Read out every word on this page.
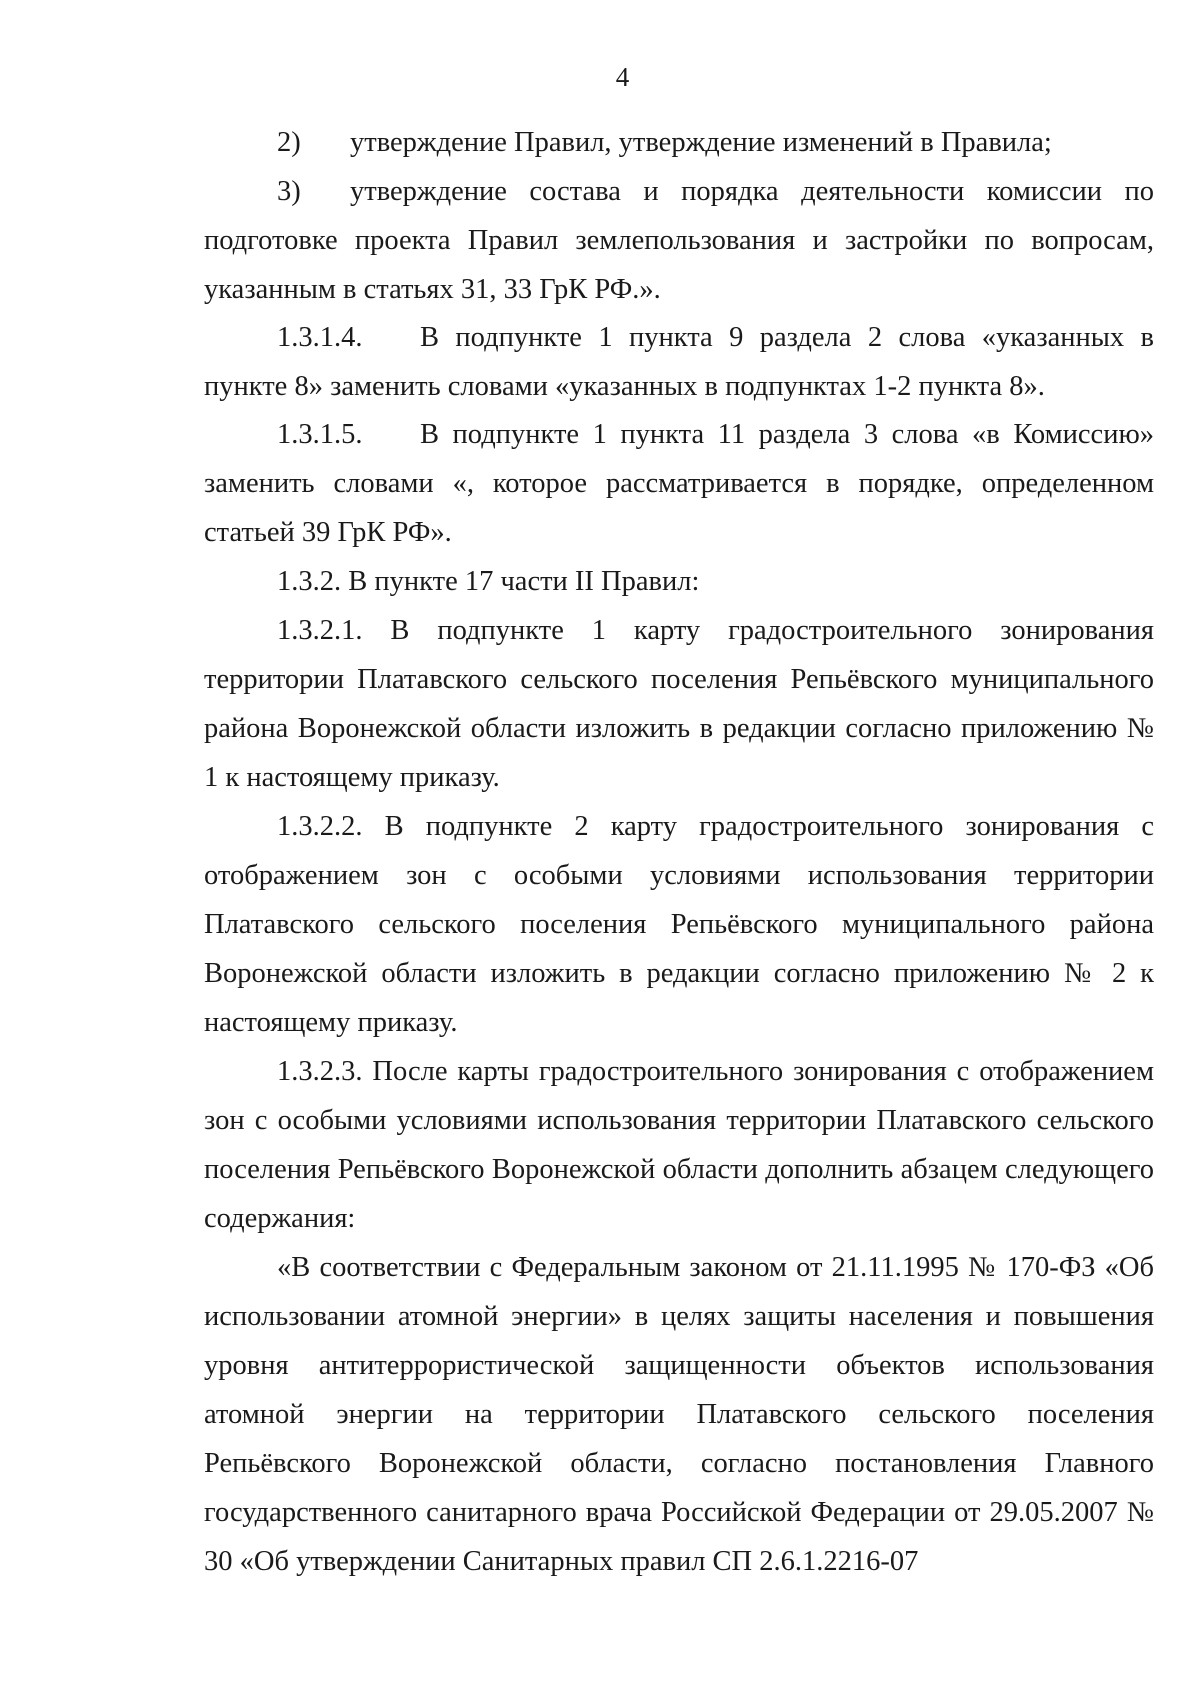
4
2)	утверждение Правил, утверждение изменений в Правила;

3) утверждение состава и порядка деятельности комиссии по подготовке проекта Правил землепользования и застройки по вопросам, указанным в статьях 31, 33 ГрК РФ.».

1.3.1.4. В подпункте 1 пункта 9 раздела 2 слова «указанных в пункте 8» заменить словами «указанных в подпунктах 1-2 пункта 8».

1.3.1.5. В подпункте 1 пункта 11 раздела 3 слова «в Комиссию» заменить словами «, которое рассматривается в порядке, определенном статьей 39 ГрК РФ».

1.3.2. В пункте 17 части II Правил:

1.3.2.1. В подпункте 1 карту градостроительного зонирования территории Платавского сельского поселения Репьёвского муниципального района Воронежской области изложить в редакции согласно приложению № 1 к настоящему приказу.

1.3.2.2. В подпункте 2 карту градостроительного зонирования с отображением зон с особыми условиями использования территории Платавского сельского поселения Репьёвского муниципального района Воронежской области изложить в редакции согласно приложению № 2 к настоящему приказу.

1.3.2.3. После карты градостроительного зонирования с отображением зон с особыми условиями использования территории Платавского сельского поселения Репьёвского Воронежской области дополнить абзацем следующего содержания:

«В соответствии с Федеральным законом от 21.11.1995 № 170-ФЗ «Об использовании атомной энергии» в целях защиты населения и повышения уровня антитеррористической защищенности объектов использования атомной энергии на территории Платавского сельского поселения Репьёвского Воронежской области, согласно постановления Главного государственного санитарного врача Российской Федерации от 29.05.2007 № 30 «Об утверждении Санитарных правил СП 2.6.1.2216-07
